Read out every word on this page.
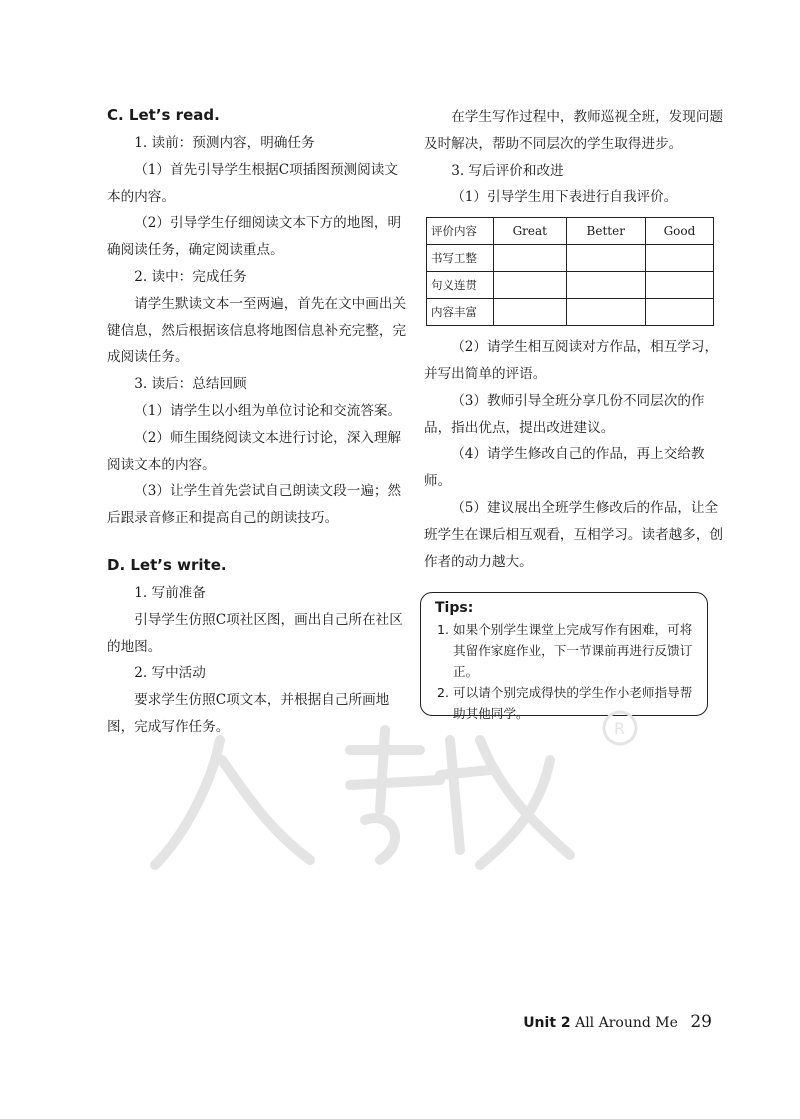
C. Let’s read.

1. 读前：预测内容，明确任务

（1）首先引导学生根据C项插图预测阅读文本的内容。

（2）引导学生仔细阅读文本下方的地图，明确阅读任务，确定阅读重点。

2. 读中：完成任务

请学生默读文本一至两遍，首先在文中画出关键信息，然后根据该信息将地图信息补充完整，完成阅读任务。

3. 读后：总结回顾

（1）请学生以小组为单位讨论和交流答案。

（2）师生围绕阅读文本进行讨论，深入理解阅读文本的内容。

（3）让学生首先尝试自己朗读文段一遍；然后跟录音修正和提高自己的朗读技巧。

D. Let’s write.

1. 写前准备

引导学生仿照C项社区图，画出自己所在社区的地图。

2. 写中活动

要求学生仿照C项文本，并根据自己所画地图，完成写作任务。

在学生写作过程中，教师巡视全班，发现问题及时解决，帮助不同层次的学生取得进步。

3. 写后评价和改进

（1）引导学生用下表进行自我评价。

评价内容	Great	Better	Good
书写工整			
句义连贯			
内容丰富			

（2）请学生相互阅读对方作品，相互学习，并写出简单的评语。

（3）教师引导全班分享几份不同层次的作品，指出优点，提出改进建议。

（4）请学生修改自己的作品，再上交给教师。

（5）建议展出全班学生修改后的作品，让全班学生在课后相互观看，互相学习。读者越多，创作者的动力越大。

Tips:
1. 如果个别学生课堂上完成写作有困难，可将其留作家庭作业，下一节课前再进行反馈订正。
2. 可以请个别完成得快的学生作小老师指导帮助其他同学。
R
Unit 2 All Around Me 29
